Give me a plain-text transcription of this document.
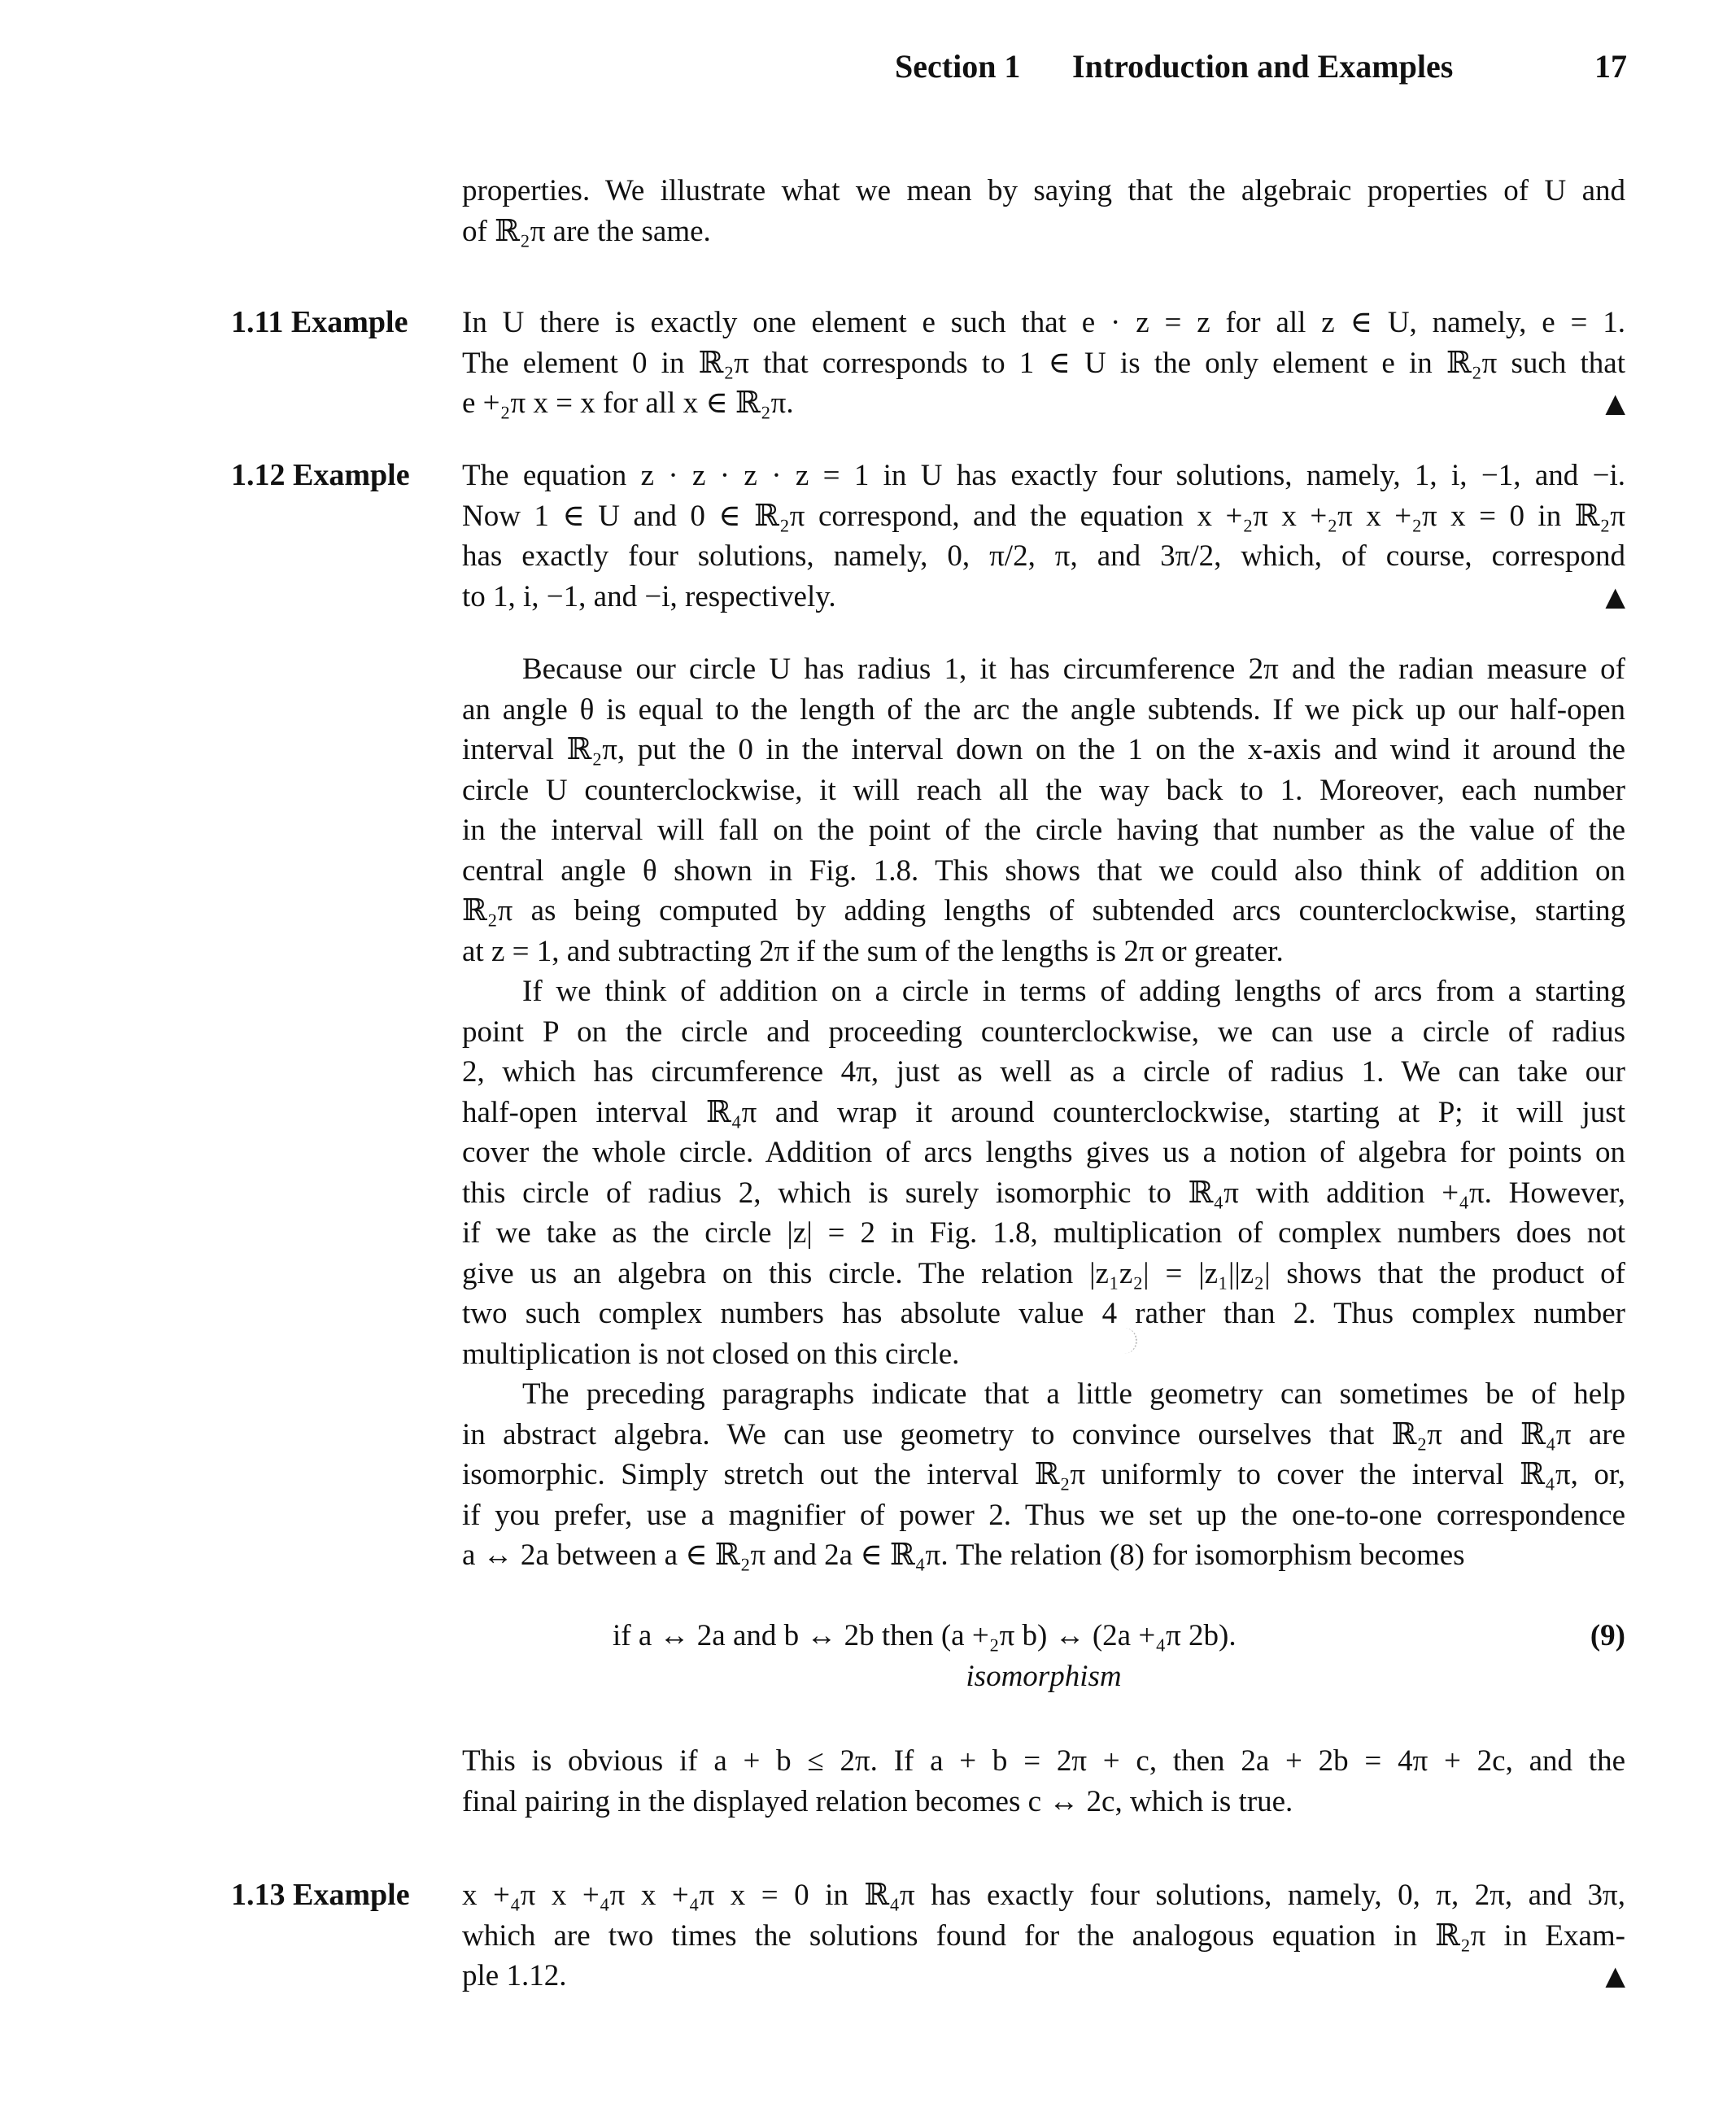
Section 1 Introduction and Examples	17
properties. We illustrate what we mean by saying that the algebraic properties of U and
of ℝ₂π are the same.
1.11 Example In U there is exactly one element e such that e · z = z for all z ∈ U, namely, e = 1.
The element 0 in ℝ₂π that corresponds to 1 ∈ U is the only element e in ℝ₂π such that
e +₂π x = x for all x ∈ ℝ₂π.	▲
1.12 Example The equation z · z · z · z = 1 in U has exactly four solutions, namely, 1, i, −1, and −i.
Now 1 ∈ U and 0 ∈ ℝ₂π correspond, and the equation x +₂π x +₂π x +₂π x = 0 in ℝ₂π
has exactly four solutions, namely, 0, π/2, π, and 3π/2, which, of course, correspond
to 1, i, −1, and −i, respectively.	▲
Because our circle U has radius 1, it has circumference 2π and the radian measure of
an angle θ is equal to the length of the arc the angle subtends. If we pick up our half-open
interval ℝ₂π, put the 0 in the interval down on the 1 on the x-axis and wind it around the
circle U counterclockwise, it will reach all the way back to 1. Moreover, each number
in the interval will fall on the point of the circle having that number as the value of the
central angle θ shown in Fig. 1.8. This shows that we could also think of addition on
ℝ₂π as being computed by adding lengths of subtended arcs counterclockwise, starting
at z = 1, and subtracting 2π if the sum of the lengths is 2π or greater.
If we think of addition on a circle in terms of adding lengths of arcs from a starting
point P on the circle and proceeding counterclockwise, we can use a circle of radius
2, which has circumference 4π, just as well as a circle of radius 1. We can take our
half-open interval ℝ₄π and wrap it around counterclockwise, starting at P; it will just
cover the whole circle. Addition of arcs lengths gives us a notion of algebra for points on
this circle of radius 2, which is surely isomorphic to ℝ₄π with addition +₄π. However,
if we take as the circle |z| = 2 in Fig. 1.8, multiplication of complex numbers does not
give us an algebra on this circle. The relation |z₁z₂| = |z₁||z₂| shows that the product of
two such complex numbers has absolute value 4 rather than 2. Thus complex number
multiplication is not closed on this circle.
The preceding paragraphs indicate that a little geometry can sometimes be of help
in abstract algebra. We can use geometry to convince ourselves that ℝ₂π and ℝ₄π are
isomorphic. Simply stretch out the interval ℝ₂π uniformly to cover the interval ℝ₄π, or,
if you prefer, use a magnifier of power 2. Thus we set up the one-to-one correspondence
a ↔ 2a between a ∈ ℝ₂π and 2a ∈ ℝ₄π. The relation (8) for isomorphism becomes
if a ↔ 2a and b ↔ 2b then (a +₂π b) ↔ (2a +₄π 2b).	(9)
isomorphism
This is obvious if a + b ≤ 2π. If a + b = 2π + c, then 2a + 2b = 4π + 2c, and the
final pairing in the displayed relation becomes c ↔ 2c, which is true.
1.13 Example x +₄π x +₄π x +₄π x = 0 in ℝ₄π has exactly four solutions, namely, 0, π, 2π, and 3π,
which are two times the solutions found for the analogous equation in ℝ₂π in Exam-
ple 1.12.	▲
